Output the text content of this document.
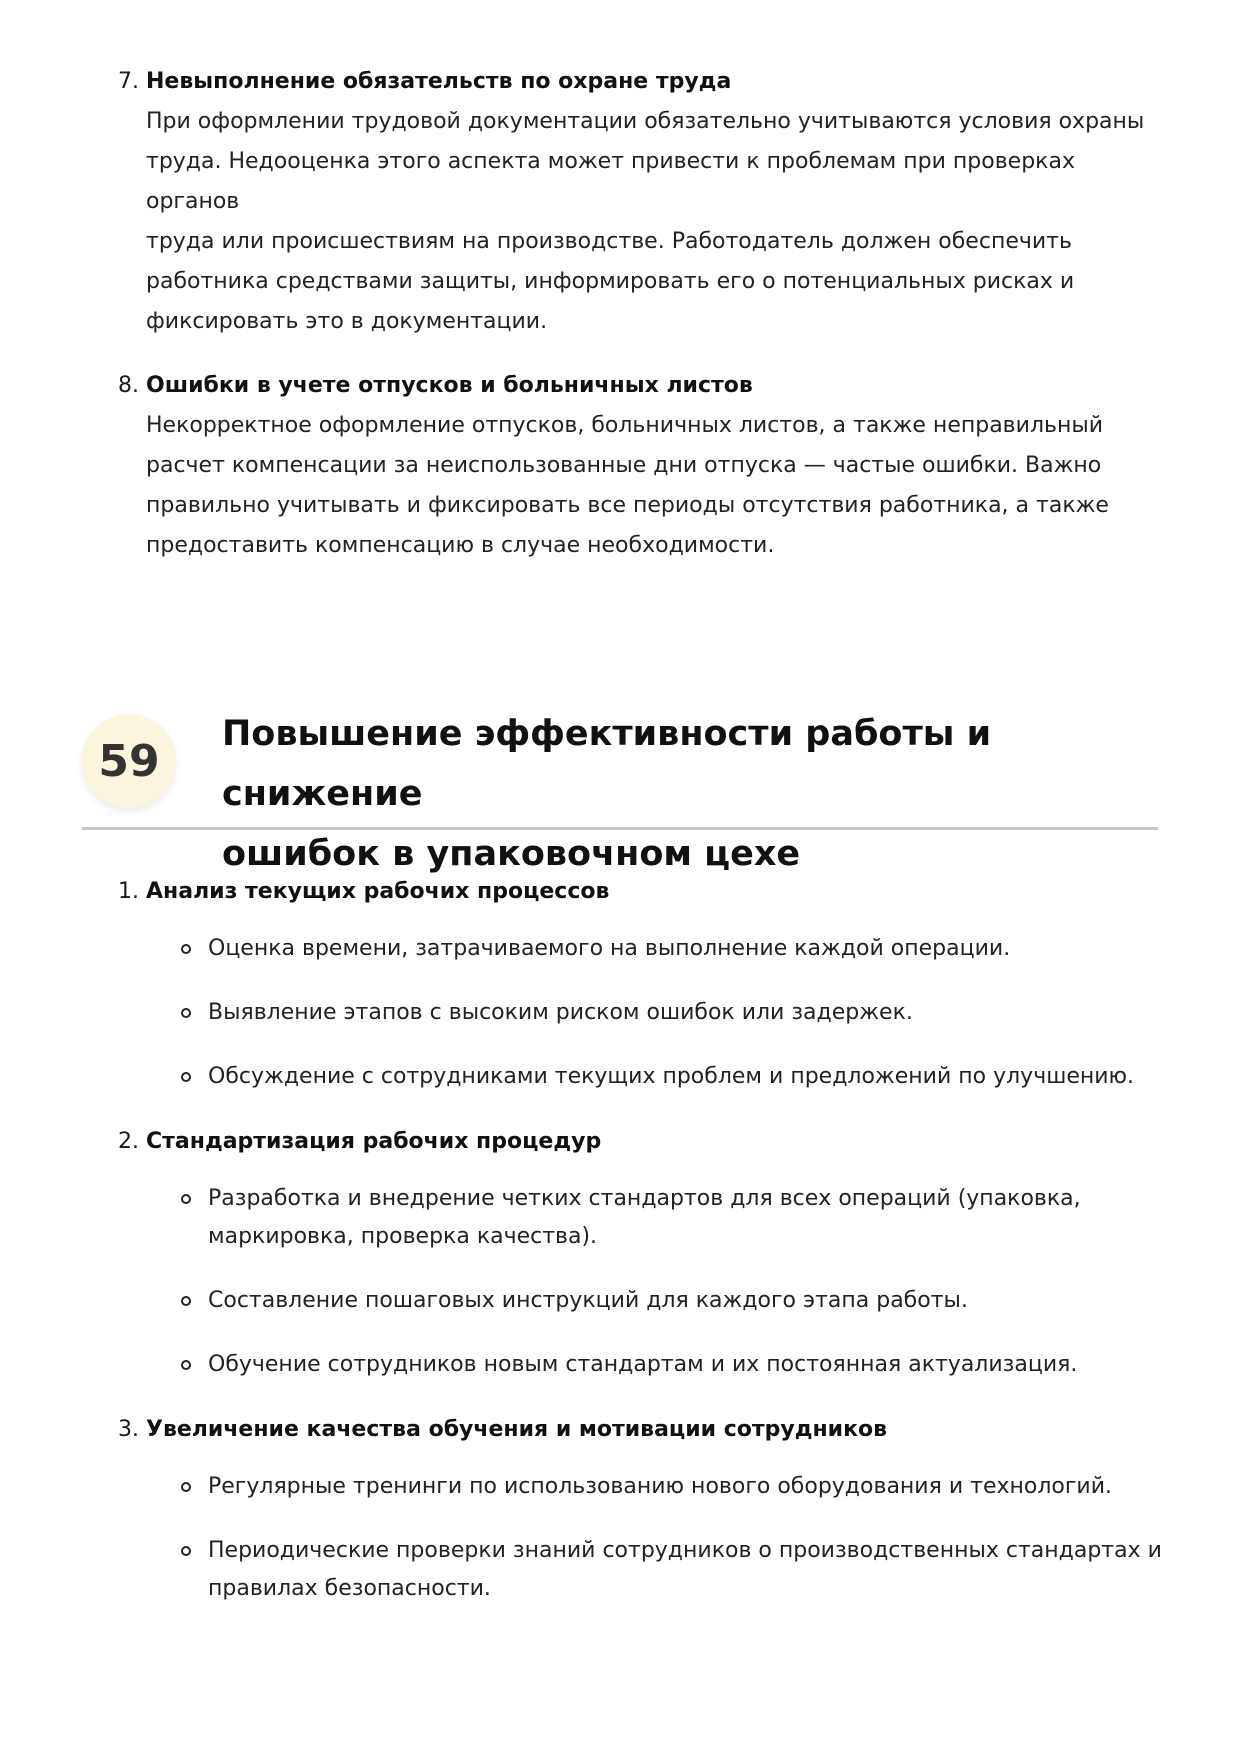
7. Невыполнение обязательств по охране труда
При оформлении трудовой документации обязательно учитываются условия охраны
труда. Недооценка этого аспекта может привести к проблемам при проверках органов
труда или происшествиям на производстве. Работодатель должен обеспечить
работника средствами защиты, информировать его о потенциальных рисках и
фиксировать это в документации.
8. Ошибки в учете отпусков и больничных листов
Некорректное оформление отпусков, больничных листов, а также неправильный
расчет компенсации за неиспользованные дни отпуска — частые ошибки. Важно
правильно учитывать и фиксировать все периоды отсутствия работника, а также
предоставить компенсацию в случае необходимости.
59
Повышение эффективности работы и снижение
ошибок в упаковочном цехе
1. Анализ текущих рабочих процессов
Оценка времени, затрачиваемого на выполнение каждой операции.
Выявление этапов с высоким риском ошибок или задержек.
Обсуждение с сотрудниками текущих проблем и предложений по улучшению.
2. Стандартизация рабочих процедур
Разработка и внедрение четких стандартов для всех операций (упаковка,
маркировка, проверка качества).
Составление пошаговых инструкций для каждого этапа работы.
Обучение сотрудников новым стандартам и их постоянная актуализация.
3. Увеличение качества обучения и мотивации сотрудников
Регулярные тренинги по использованию нового оборудования и технологий.
Периодические проверки знаний сотрудников о производственных стандартах и
правилах безопасности.
